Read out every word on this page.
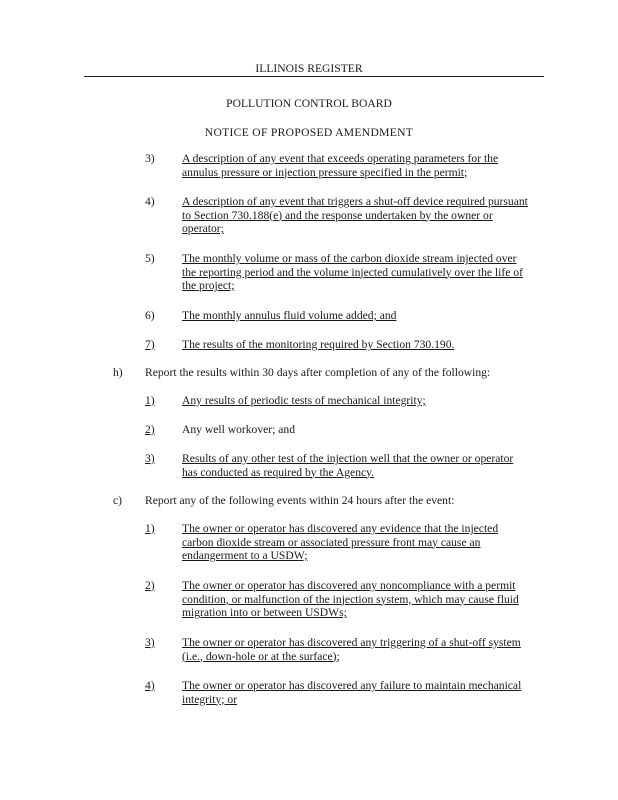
ILLINOIS REGISTER
POLLUTION CONTROL BOARD
NOTICE OF PROPOSED AMENDMENT
3) A description of any event that exceeds operating parameters for the
annulus pressure or injection pressure specified in the permit;
4) A description of any event that triggers a shut-off device required pursuant
to Section 730.188(e) and the response undertaken by the owner or
operator;
5) The monthly volume or mass of the carbon dioxide stream injected over
the reporting period and the volume injected cumulatively over the life of
the project;
6) The monthly annulus fluid volume added; and
7) The results of the monitoring required by Section 730.190.
h) Report the results within 30 days after completion of any of the following:
1) Any results of periodic tests of mechanical integrity;
2) Any well workover; and
3) Results of any other test of the injection well that the owner or operator
has conducted as required by the Agency.
c) Report any of the following events within 24 hours after the event:
1) The owner or operator has discovered any evidence that the injected
carbon dioxide stream or associated pressure front may cause an
endangerment to a USDW;
2) The owner or operator has discovered any noncompliance with a permit
condition, or malfunction of the injection system, which may cause fluid
migration into or between USDWs;
3) The owner or operator has discovered any triggering of a shut-off system
(i.e., down-hole or at the surface);
4) The owner or operator has discovered any failure to maintain mechanical
integrity; or
